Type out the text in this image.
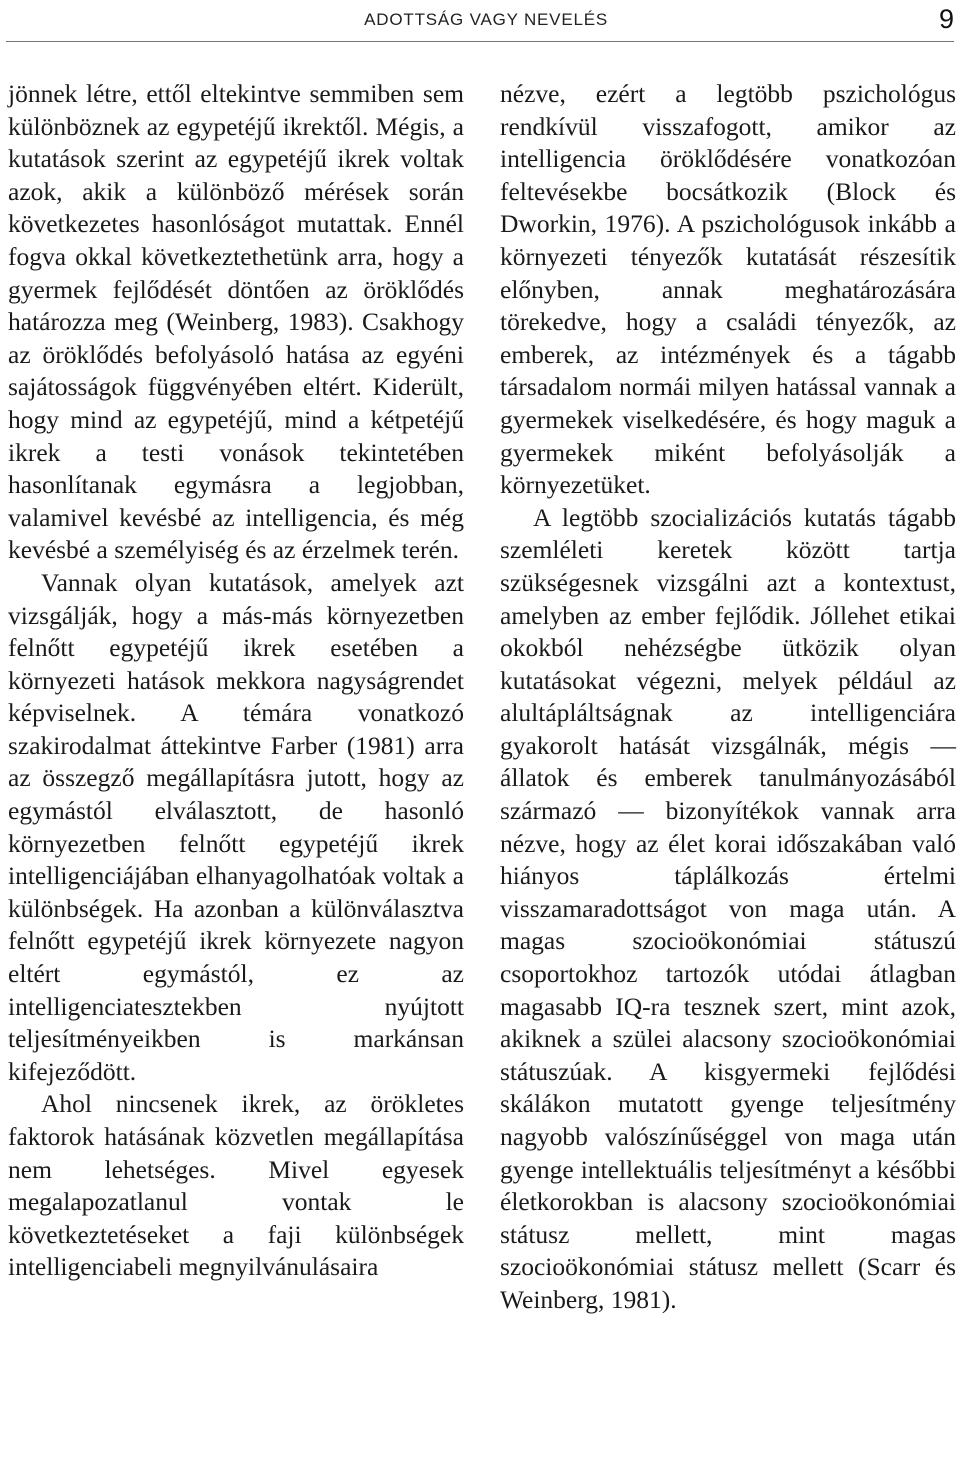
ADOTTSÁG VAGY NEVELÉS	9

jönnek létre, ettől eltekintve semmiben sem különböznek az egypetéjű ikrektől. Mégis, a kutatások szerint az egypetéjű ikrek voltak azok, akik a különböző mérések során következetes hasonlóságot mutattak. Ennél fogva okkal következtethetünk arra, hogy a gyermek fejlődését döntően az öröklődés határozza meg (Weinberg, 1983). Csakhogy az öröklődés befolyásoló hatása az egyéni sajátosságok függvényében eltért. Kiderült, hogy mind az egypetéjű, mind a kétpetéjű ikrek a testi vonások tekintetében hasonlítanak egymásra a legjobban, valamivel kevésbé az intelligencia, és még kevésbé a személyiség és az érzelmek terén.

Vannak olyan kutatások, amelyek azt vizsgálják, hogy a más-más környezetben felnőtt egypetéjű ikrek esetében a környezeti hatások mekkora nagyságrendet képviselnek. A témára vonatkozó szakirodalmat áttekintve Farber (1981) arra az összegző megállapításra jutott, hogy az egymástól elválasztott, de hasonló környezetben felnőtt egypetéjű ikrek intelligenciájában elhanyagolhatóak voltak a különbségek. Ha azonban a különválasztva felnőtt egypetéjű ikrek környezete nagyon eltért egymástól, ez az intelligenciatesztekben nyújtott teljesítményeikben is markánsan kifejeződött.

Ahol nincsenek ikrek, az örökletes faktorok hatásának közvetlen megállapítása nem lehetséges. Mivel egyesek megalapozatlanul vontak le következtetéseket a faji különbségek intelligenciabeli megnyilvánulásaira

nézve, ezért a legtöbb pszichológus rendkívül visszafogott, amikor az intelligencia öröklődésére vonatkozóan feltevésekbe bocsátkozik (Block és Dworkin, 1976). A pszichológusok inkább a környezeti tényezők kutatását részesítik előnyben, annak meghatározására törekedve, hogy a családi tényezők, az emberek, az intézmények és a tágabb társadalom normái milyen hatással vannak a gyermekek viselkedésére, és hogy maguk a gyermekek miként befolyásolják a környezetüket.

A legtöbb szocializációs kutatás tágabb szemléleti keretek között tartja szükségesnek vizsgálni azt a kontextust, amelyben az ember fejlődik. Jóllehet etikai okokból nehézségbe ütközik olyan kutatásokat végezni, melyek például az alultápláltságnak az intelligenciára gyakorolt hatását vizsgálnák, mégis — állatok és emberek tanulmányozásából származó — bizonyítékok vannak arra nézve, hogy az élet korai időszakában való hiányos táplálkozás értelmi visszamaradottságot von maga után. A magas szocioökonómiai státuszú csoportokhoz tartozók utódai átlagban magasabb IQ-ra tesznek szert, mint azok, akiknek a szülei alacsony szocioökonómiai státuszúak. A kisgyermeki fejlődési skálákon mutatott gyenge teljesítmény nagyobb valószínűséggel von maga után gyenge intellektuális teljesítményt a későbbi életkorokban is alacsony szocioökonómiai státusz mellett, mint magas szocioökonómiai státusz mellett (Scarr és Weinberg, 1981).
